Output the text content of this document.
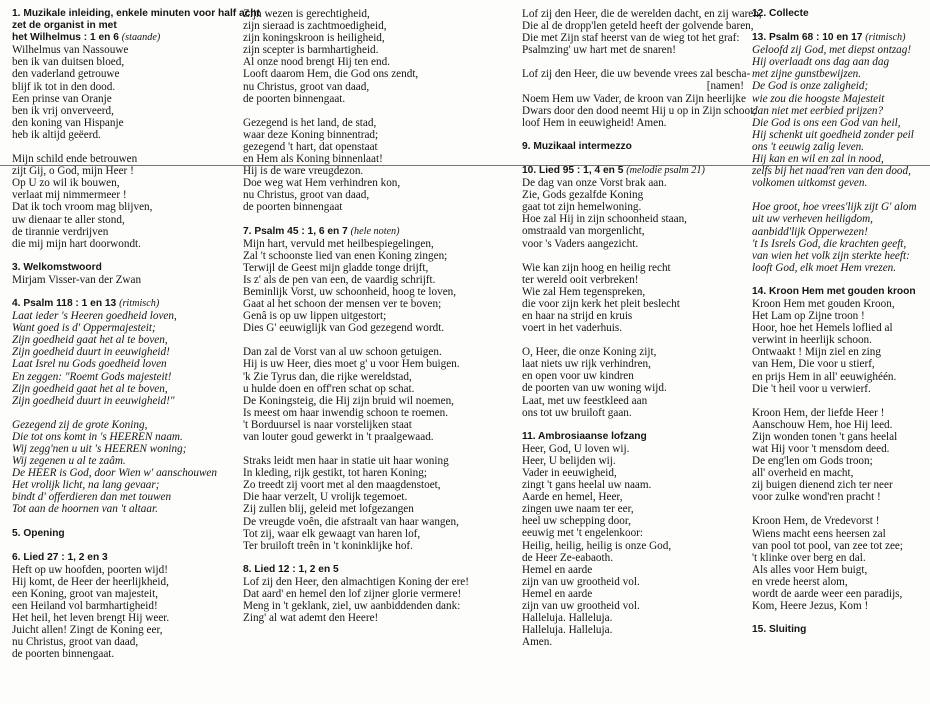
1. Muzikale inleiding, enkele minuten voor half acht
zet de organist in met
het Wilhelmus : 1 en 6 (staande)
Wilhelmus van Nassouwe
ben ik van duitsen bloed,
den vaderland getrouwe
blijf ik tot in den dood.
Een prinse van Oranje
ben ik vrij onverveerd,
den koning van Hispanje
heb ik altijd geëerd.
Mijn schild ende betrouwen
zijt Gij, o God, mijn Heer !
Op U zo wil ik bouwen,
verlaat mij nimmermeer !
Dat ik toch vroom mag blijven,
uw dienaar te aller stond,
de tirannie verdrijven
die mij mijn hart doorwondt.
3. Welkomstwoord
Mirjam Visser-van der Zwan
4. Psalm 118 : 1 en 13 (ritmisch)
Laat ieder 's Heeren goedheid loven,
Want goed is d' Oppermajesteit;
Zijn goedheid gaat het al te boven,
Zijn goedheid duurt in eeuwigheid!
Laat Isrel nu Gods goedheid loven
En zeggen: "Roemt Gods majesteit!
Zijn goedheid gaat het al te boven,
Zijn goedheid duurt in eeuwigheid!"
Gezegend zij de grote Koning,
Die tot ons komt in 's HEEREN naam.
Wij zegg'nen u uit 's HEEREN woning;
Wij zegenen u al te zaâm.
De HEER is God, door Wien w' aanschouwen
Het vrolijk licht, na lang gevaar;
bindt d' offerdieren dan met touwen
Tot aan de hoornen van 't altaar.
5. Opening
6. Lied 27 : 1, 2 en 3
Heft op uw hoofden, poorten wijd!
Hij komt, de Heer der heerlijkheid,
een Koning, groot van majesteit,
een Heiland vol barmhartigheid!
Het heil, het leven brengt Hij weer.
Juicht allen! Zingt de Koning eer,
nu Christus, groot van daad,
de poorten binnengaat.
Zijn wezen is gerechtigheid,
zijn sieraad is zachtmoedigheid,
zijn koningskroon is heiligheid,
zijn scepter is barmhartigheid.
Al onze nood brengt Hij ten end.
Looft daarom Hem, die God ons zendt,
nu Christus, groot van daad,
de poorten binnengaat.
Gezegend is het land, de stad,
waar deze Koning binnentrad;
gezegend 't hart, dat openstaat
en Hem als Koning binnenlaat!
Hij is de ware vreugdezon.
Doe weg wat Hem verhindren kon,
nu Christus, groot van daad,
de poorten binnengaat
7. Psalm 45 : 1, 6 en 7 (hele noten)
Mijn hart, vervuld met heilbespiegelingen,
Zal 't schoonste lied van enen Koning zingen;
Terwijl de Geest mijn gladde tonge drijft,
Is z' als de pen van een, de vaardig schrijft.
Beminlijk Vorst, uw schoonheid, hoog te loven,
Gaat al het schoon der mensen ver te boven;
Genâ is op uw lippen uitgestort;
Dies G' eeuwiglijk van God gezegend wordt.
Dan zal de Vorst van al uw schoon getuigen.
Hij is uw Heer, dies moet g' u voor Hem buigen.
'k Zie Tyrus dan, die rijke wereldstad,
u hulde doen en off'ren schat op schat.
De Koningsteig, die Hij zijn bruid wil noemen,
Is meest om haar inwendig schoon te roemen.
't Borduursel is naar vorstelijken staat
van louter goud gewerkt in 't praalgewaad.
Straks leidt men haar in statie uit haar woning
In kleding, rijk gestikt, tot haren Koning;
Zo treedt zij voort met al den maagdenstoet,
Die haar verzelt, U vrolijk tegemoet.
Zij zullen blij, geleid met lofgezangen
De vreugde voên, die afstraalt van haar wangen,
Tot zij, waar elk gewaagt van haren lof,
Ter bruiloft treên in 't koninklijke hof.
8. Lied 12 : 1, 2 en 5
Lof zij den Heer, den almachtigen Koning der ere!
Dat aard' en hemel den lof zijner glorie vermere!
Meng in 't geklank, ziel, uw aanbiddenden dank:
Zing' al wat ademt den Heere!
Lof zij den Heer, die de werelden dacht, en zij waren,
Die al de dropp'len geteld heeft der golvende baren,
Die met Zijn staf heerst van de wieg tot het graf:
Psalmzing' uw hart met de snaren!
Lof zij den Heer, die uw bevende vrees zal bescha-
[namen!
Noem Hem uw Vader, de kroon van Zijn heerlijke
Dwars door den dood neemt Hij u op in Zijn schoot;
loof Hem in eeuwigheid! Amen.
9. Muzikaal intermezzo
10. Lied 95 : 1, 4 en 5 (melodie psalm 21)
De dag van onze Vorst brak aan.
Zie, Gods gezalfde Koning
gaat tot zijn hemelwoning.
Hoe zal Hij in zijn schoonheid staan,
omstraald van morgenlicht,
voor 's Vaders aangezicht.
Wie kan zijn hoog en heilig recht
ter wereld ooit verbreken!
Wie zal Hem tegenspreken,
die voor zijn kerk het pleit beslecht
en haar na strijd en kruis
voert in het vaderhuis.
O, Heer, die onze Koning zijt,
laat niets uw rijk verhindren,
en open voor uw kindren
de poorten van uw woning wijd.
Laat, met uw feestkleed aan
ons tot uw bruiloft gaan.
11. Ambrosiaanse lofzang
Heer, God, U loven wij.
Heer, U belijden wij.
Vader in eeuwigheid,
zingt 't gans heelal uw naam.
Aarde en hemel, Heer,
zingen uwe naam ter eer,
heel uw schepping door,
eeuwig met 't engelenkoor:
Heilig, heilig, heilig is onze God,
de Heer Ze-eabaoth.
Hemel en aarde
zijn van uw grootheid vol.
Hemel en aarde
zijn van uw grootheid vol.
Halleluja. Halleluja.
Halleluja. Halleluja.
Amen.
12. Collecte
13. Psalm 68 : 10 en 17 (ritmisch)
Geloofd zij God, met diepst ontzag!
Hij overlaadt ons dag aan dag
met zijne gunstbewijzen.
De God is onze zaligheid;
wie zou die hoogste Majesteit
dan niet met eerbied prijzen?
Die God is ons een God van heil,
Hij schenkt uit goedheid zonder peil
ons 't eeuwig zalig leven.
Hij kan en wil en zal in nood,
zelfs bij het naad'ren van den dood,
volkomen uitkomst geven.
Hoe groot, hoe vrees'lijk zijt G' alom
uit uw verheven heiligdom,
aanbidd'lijk Opperwezen!
't Is Isrels God, die krachten geeft,
van wien het volk zijn sterkte heeft:
looft God, elk moet Hem vrezen.
14. Kroon Hem met gouden kroon
Kroon Hem met gouden Kroon,
Het Lam op Zijne troon !
Hoor, hoe het Hemels loflied al
verwint in heerlijk schoon.
Ontwaakt ! Mijn ziel en zing
van Hem, Die voor u stierf,
en prijs Hem in all' eeuwighéén.
Die 't heil voor u verwierf.
Kroon Hem, der liefde Heer !
Aanschouw Hem, hoe Hij leed.
Zijn wonden tonen 't gans heelal
wat Hij voor 't mensdom deed.
De eng'len om Gods troon;
all' overheid en macht,
zij buigen dienend zich ter neer
voor zulke wond'ren pracht !
Kroon Hem, de Vredevorst !
Wiens macht eens heersen zal
van pool tot pool, van zee tot zee;
't klinke over berg en dal.
Als alles voor Hem buigt,
en vrede heerst alom,
wordt de aarde weer een paradijs,
Kom, Heere Jezus, Kom !
15. Sluiting
